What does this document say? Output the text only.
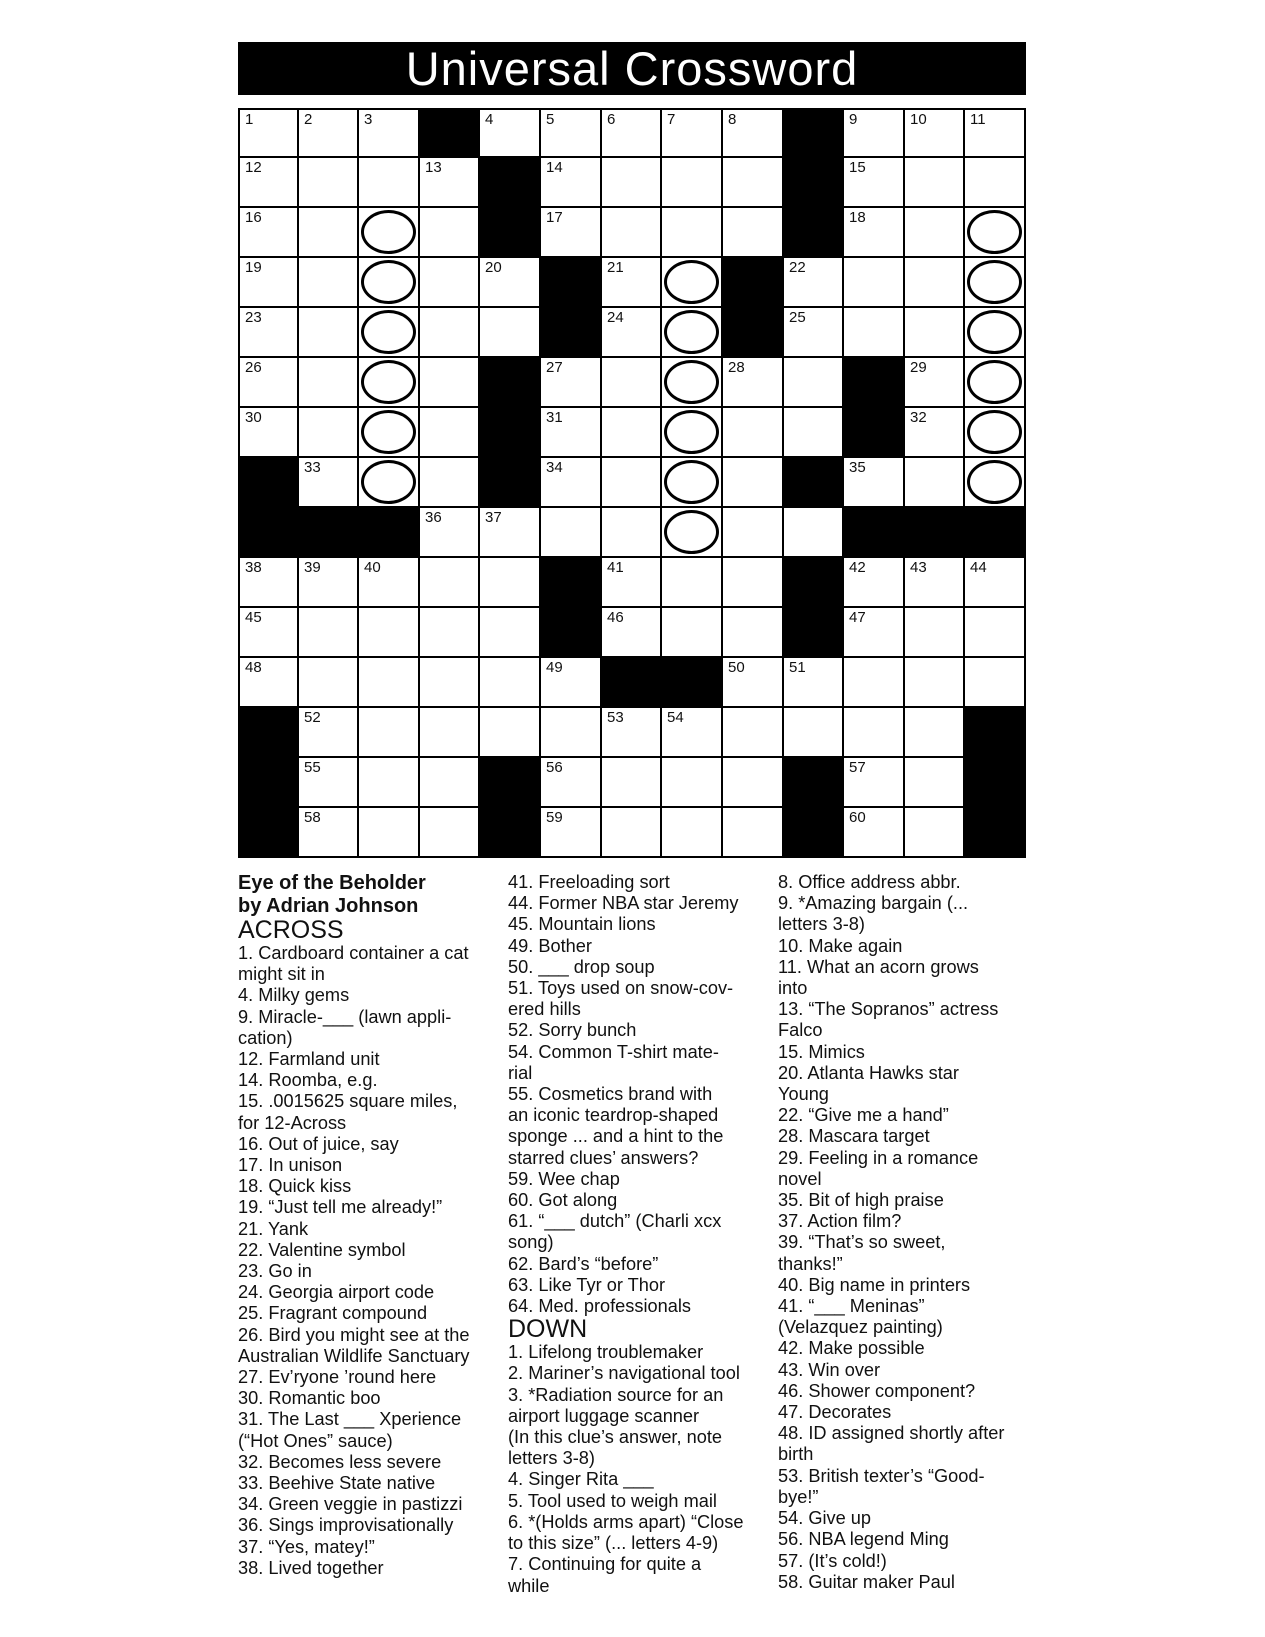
Universal Crossword
1	2	3	4	5	6	7	8	9	10	11
12	13	14	15
16	17	18
19	20	21	22
23	24	25
26	27	28	29
30	31	32
33	34	35
36	37
38	39	40	41	42	43	44
45	46	47
48	49	50	51
52	53	54
55	56	57
58	59	60
Eye of the Beholder
by Adrian Johnson
ACROSS
1. Cardboard container a cat
might sit in
4. Milky gems
9. Miracle-___ (lawn appli-
cation)
12. Farmland unit
14. Roomba, e.g.
15. .0015625 square miles,
for 12-Across
16. Out of juice, say
17. In unison
18. Quick kiss
19. “Just tell me already!”
21. Yank
22. Valentine symbol
23. Go in
24. Georgia airport code
25. Fragrant compound
26. Bird you might see at the
Australian Wildlife Sanctuary
27. Ev’ryone ’round here
30. Romantic boo
31. The Last ___ Xperience
(“Hot Ones” sauce)
32. Becomes less severe
33. Beehive State native
34. Green veggie in pastizzi
36. Sings improvisationally
37. “Yes, matey!”
38. Lived together
41. Freeloading sort
44. Former NBA star Jeremy
45. Mountain lions
49. Bother
50. ___ drop soup
51. Toys used on snow-cov-
ered hills
52. Sorry bunch
54. Common T-shirt mate-
rial
55. Cosmetics brand with
an iconic teardrop-shaped
sponge ... and a hint to the
starred clues’ answers?
59. Wee chap
60. Got along
61. “___ dutch” (Charli xcx
song)
62. Bard’s “before”
63. Like Tyr or Thor
64. Med. professionals
DOWN
1. Lifelong troublemaker
2. Mariner’s navigational tool
3. *Radiation source for an
airport luggage scanner
(In this clue’s answer, note
letters 3-8)
4. Singer Rita ___
5. Tool used to weigh mail
6. *(Holds arms apart) “Close
to this size” (... letters 4-9)
7. Continuing for quite a
while
8. Office address abbr.
9. *Amazing bargain (...
letters 3-8)
10. Make again
11. What an acorn grows
into
13. “The Sopranos” actress
Falco
15. Mimics
20. Atlanta Hawks star
Young
22. “Give me a hand”
28. Mascara target
29. Feeling in a romance
novel
35. Bit of high praise
37. Action film?
39. “That’s so sweet,
thanks!”
40. Big name in printers
41. “___ Meninas”
(Velazquez painting)
42. Make possible
43. Win over
46. Shower component?
47. Decorates
48. ID assigned shortly after
birth
53. British texter’s “Good-
bye!”
54. Give up
56. NBA legend Ming
57. (It’s cold!)
58. Guitar maker Paul
